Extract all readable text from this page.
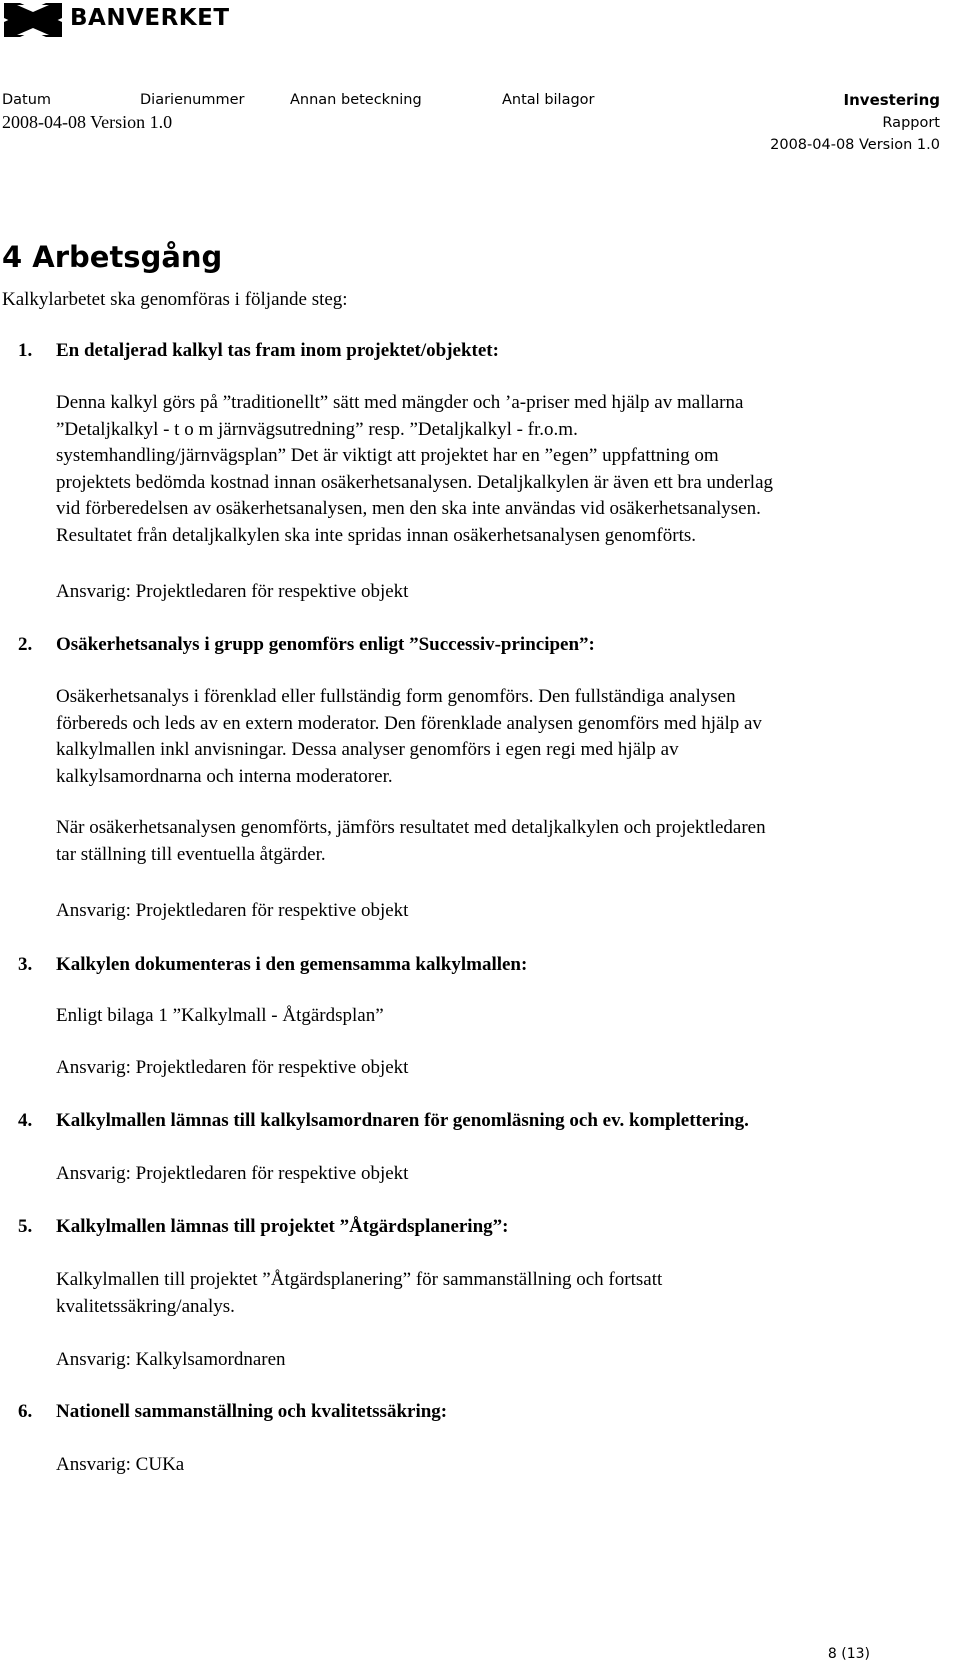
BANVERKET
Datum	Diarienummer	Annan beteckning	Antal bilagor
2008-04-08 Version 1.0
Investering
Rapport
2008-04-08 Version 1.0
4 Arbetsgång
Kalkylarbetet ska genomföras i följande steg:
1. En detaljerad kalkyl tas fram inom projektet/objektet:
Denna kalkyl görs på ”traditionellt” sätt med mängder och ’a-priser med hjälp av mallarna
”Detaljkalkyl - t o m järnvägsutredning” resp. ”Detaljkalkyl - fr.o.m.
systemhandling/järnvägsplan” Det är viktigt att projektet har en ”egen” uppfattning om
projektets bedömda kostnad innan osäkerhetsanalysen. Detaljkalkylen är även ett bra underlag
vid förberedelsen av osäkerhetsanalysen, men den ska inte användas vid osäkerhetsanalysen.
Resultatet från detaljkalkylen ska inte spridas innan osäkerhetsanalysen genomförts.
Ansvarig: Projektledaren för respektive objekt
2. Osäkerhetsanalys i grupp genomförs enligt ”Successiv-principen”:
Osäkerhetsanalys i förenklad eller fullständig form genomförs. Den fullständiga analysen
förbereds och leds av en extern moderator. Den förenklade analysen genomförs med hjälp av
kalkylmallen inkl anvisningar. Dessa analyser genomförs i egen regi med hjälp av
kalkylsamordnarna och interna moderatorer.
När osäkerhetsanalysen genomförts, jämförs resultatet med detaljkalkylen och projektledaren
tar ställning till eventuella åtgärder.
Ansvarig: Projektledaren för respektive objekt
3. Kalkylen dokumenteras i den gemensamma kalkylmallen:
Enligt bilaga 1 ”Kalkylmall - Åtgärdsplan”
Ansvarig: Projektledaren för respektive objekt
4. Kalkylmallen lämnas till kalkylsamordnaren för genomläsning och ev. komplettering.
Ansvarig: Projektledaren för respektive objekt
5. Kalkylmallen lämnas till projektet ”Åtgärdsplanering”:
Kalkylmallen till projektet ”Åtgärdsplanering” för sammanställning och fortsatt
kvalitetssäkring/analys.
Ansvarig: Kalkylsamordnaren
6. Nationell sammanställning och kvalitetssäkring:
Ansvarig: CUKa
8 (13)
